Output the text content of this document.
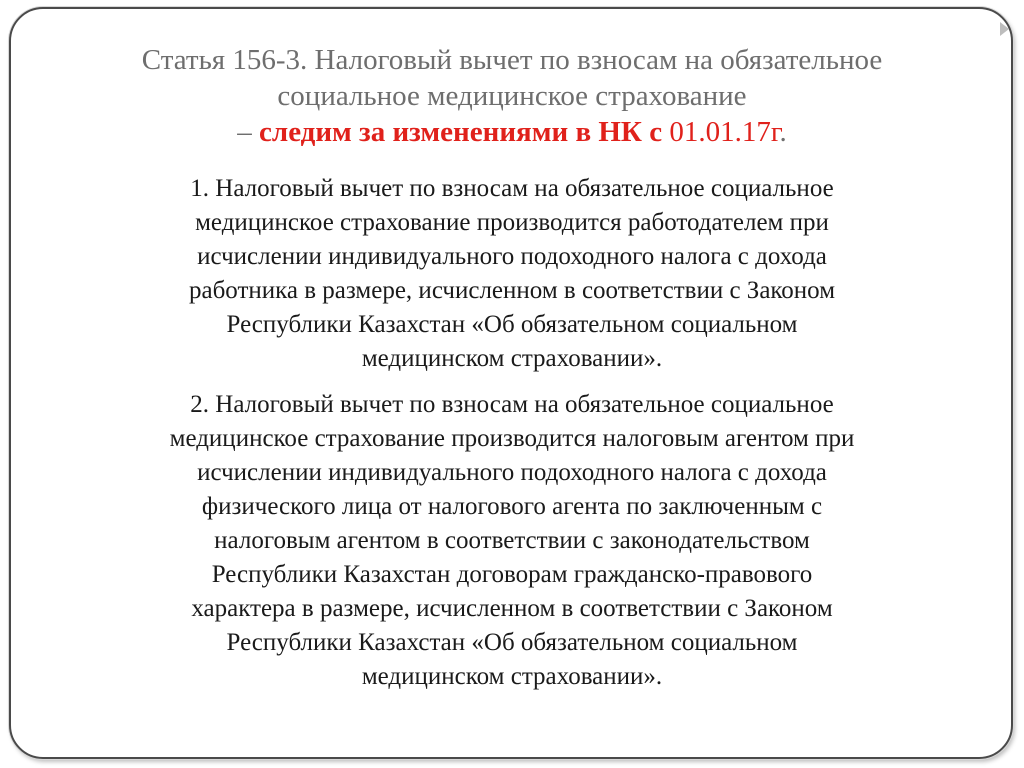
Статья 156-3. Налоговый вычет по взносам на обязательное
социальное медицинское страхование
– следим за изменениями в НК с 01.01.17г.
1. Налоговый вычет по взносам на обязательное социальное
медицинское страхование производится работодателем при
исчислении индивидуального подоходного налога с дохода
работника в размере, исчисленном в соответствии с Законом
Республики Казахстан «Об обязательном социальном
медицинском страховании».
2. Налоговый вычет по взносам на обязательное социальное
медицинское страхование производится налоговым агентом при
исчислении индивидуального подоходного налога с дохода
физического лица от налогового агента по заключенным с
налоговым агентом в соответствии с законодательством
Республики Казахстан договорам гражданско-правового
характера в размере, исчисленном в соответствии с Законом
Республики Казахстан «Об обязательном социальном
медицинском страховании».
